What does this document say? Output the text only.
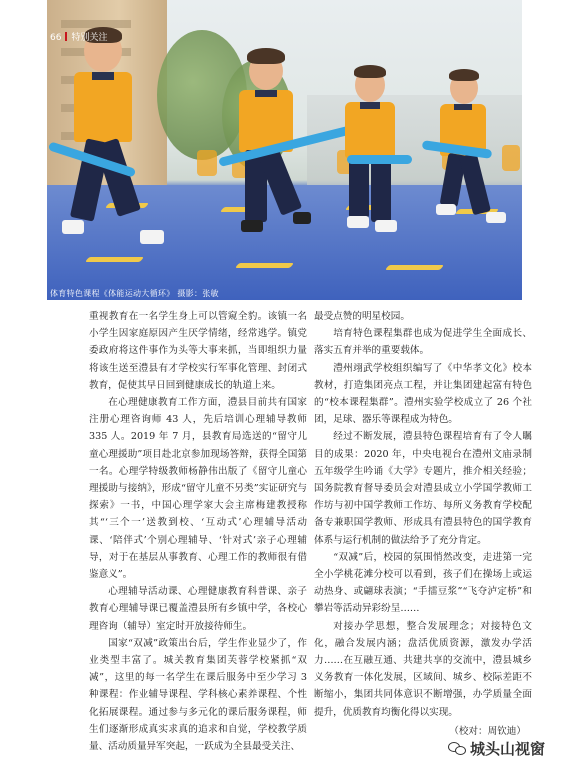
66 特别关注
体育特色课程《体能运动大循环》 摄影：张敏

重视教育在一名学生身上可以管窥全豹。该镇一名小学生因家庭原因产生厌学情绪，经常逃学。镇党委政府将这件事作为头等大事来抓，当即组织力量将该生送至澧县有才学校实行军事化管理、封闭式教育，促使其早日回到健康成长的轨道上来。

在心理健康教育工作方面，澧县目前共有国家注册心理咨询师 43 人，先后培训心理辅导教师 335 人。2019 年 7 月，县教育局选送的“留守儿童心理援助”项目赴北京参加现场答辩，获得全国第一名。心理学特级教师杨静伟出版了《留守儿童心理援助与接纳》，形成“留守儿童不另类”实证研究与探索》一书，中国心理学家大会主席梅建教授称其“‘三个一’送教到校、‘互动式’心理辅导活动课、‘陪伴式’个别心理辅导、‘针对式’亲子心理辅导，对于在基层从事教育、心理工作的教师很有借鉴意义”。

心理辅导活动课、心理健康教育科普课、亲子教育心理辅导课已覆盖澧县所有乡镇中学，各校心理咨询（辅导）室定时开放接待师生。

国家“双减”政策出台后，学生作业显少了，作业类型丰富了。城关教育集团芙蓉学校紧抓“双减”，这里的每一名学生在课后服务中至少学习 3 种课程：作业辅导课程、学科核心素养课程、个性化拓展课程。通过参与多元化的课后服务课程，师生们逐渐形成真实求真的追求和自觉，学校教学质量、活动质量异军突起，一跃成为全县最受关注、

最受点赞的明星校园。

培育特色课程集群也成为促进学生全面成长、落实五育并举的重要载体。

澧州翊武学校组织编写了《中华孝文化》校本教材，打造集团亮点工程，并让集团建起富有特色的“校本课程集群”。澧州实验学校成立了 26 个社团，足球、器乐等课程成为特色。

经过不断发展，澧县特色课程培育有了令人瞩目的成果：2020 年，中央电视台在澧州文庙录制五年级学生吟诵《大学》专题片，推介相关经验；国务院教育督导委员会对澧县成立小学国学教师工作坊与初中国学教师工作坊、每所义务教育学校配备专兼职国学教师、形成具有澧县特色的国学教育体系与运行机制的做法给予了充分肯定。

“双减”后，校园的氛围悄然改变，走进第一完全小学桃花滩分校可以看到，孩子们在操场上或运动热身、或翩球表演；“手擂豆浆”“飞夺泸定桥”和攀岩等活动异彩纷呈……

对接办学思想，整合发展理念；对接特色文化，融合发展内涵；盘活优质资源，激发办学活力……在互融互通、共建共享的交流中，澧县城乡义务教育一体化发展，区域间、城乡、校际差距不断缩小，集团共同体意识不断增强，办学质量全面提升，优质教育均衡化得以实现。

（校对：周钦迪）

城头山视窗
